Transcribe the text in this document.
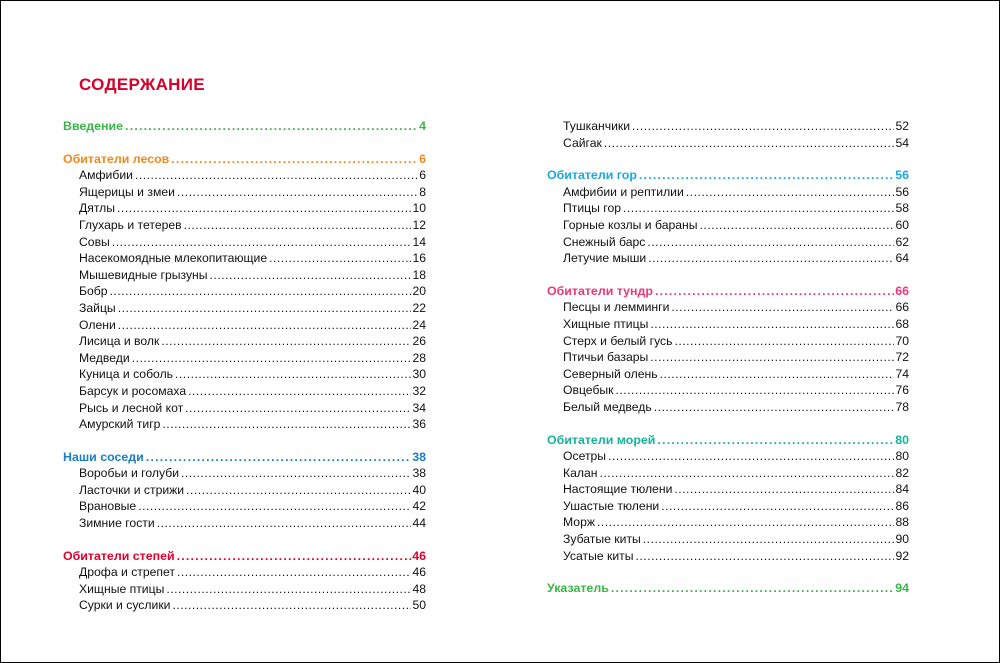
СОДЕРЖАНИЕ
Введение .....	4
Обитатели лесов .....	6
Амфибии .....	6
Ящерицы и змеи .....	8
Дятлы .....	10
Глухарь и тетерев .....	12
Совы .....	14
Насекомоядные млекопитающие .....	16
Мышевидные грызуны .....	18
Бобр .....	20
Зайцы .....	22
Олени .....	24
Лисица и волк .....	26
Медведи .....	28
Куница и соболь .....	30
Барсук и росомаха .....	32
Рысь и лесной кот .....	34
Амурский тигр .....	36
Наши соседи .....	38
Воробьи и голуби .....	38
Ласточки и стрижи .....	40
Врановые .....	42
Зимние гости .....	44
Обитатели степей .....	46
Дрофа и стрепет .....	46
Хищные птицы .....	48
Сурки и суслики .....	50
Тушканчики .....	52
Сайгак .....	54
Обитатели гор .....	56
Амфибии и рептилии .....	56
Птицы гор .....	58
Горные козлы и бараны .....	60
Снежный барс .....	62
Летучие мыши .....	64
Обитатели тундр .....	66
Песцы и лемминги .....	66
Хищные птицы .....	68
Стерх и белый гусь .....	70
Птичьи базары .....	72
Северный олень .....	74
Овцебык .....	76
Белый медведь .....	78
Обитатели морей .....	80
Осетры .....	80
Калан .....	82
Настоящие тюлени .....	84
Ушастые тюлени .....	86
Морж .....	88
Зубатые киты .....	90
Усатые киты .....	92
Указатель .....	94
